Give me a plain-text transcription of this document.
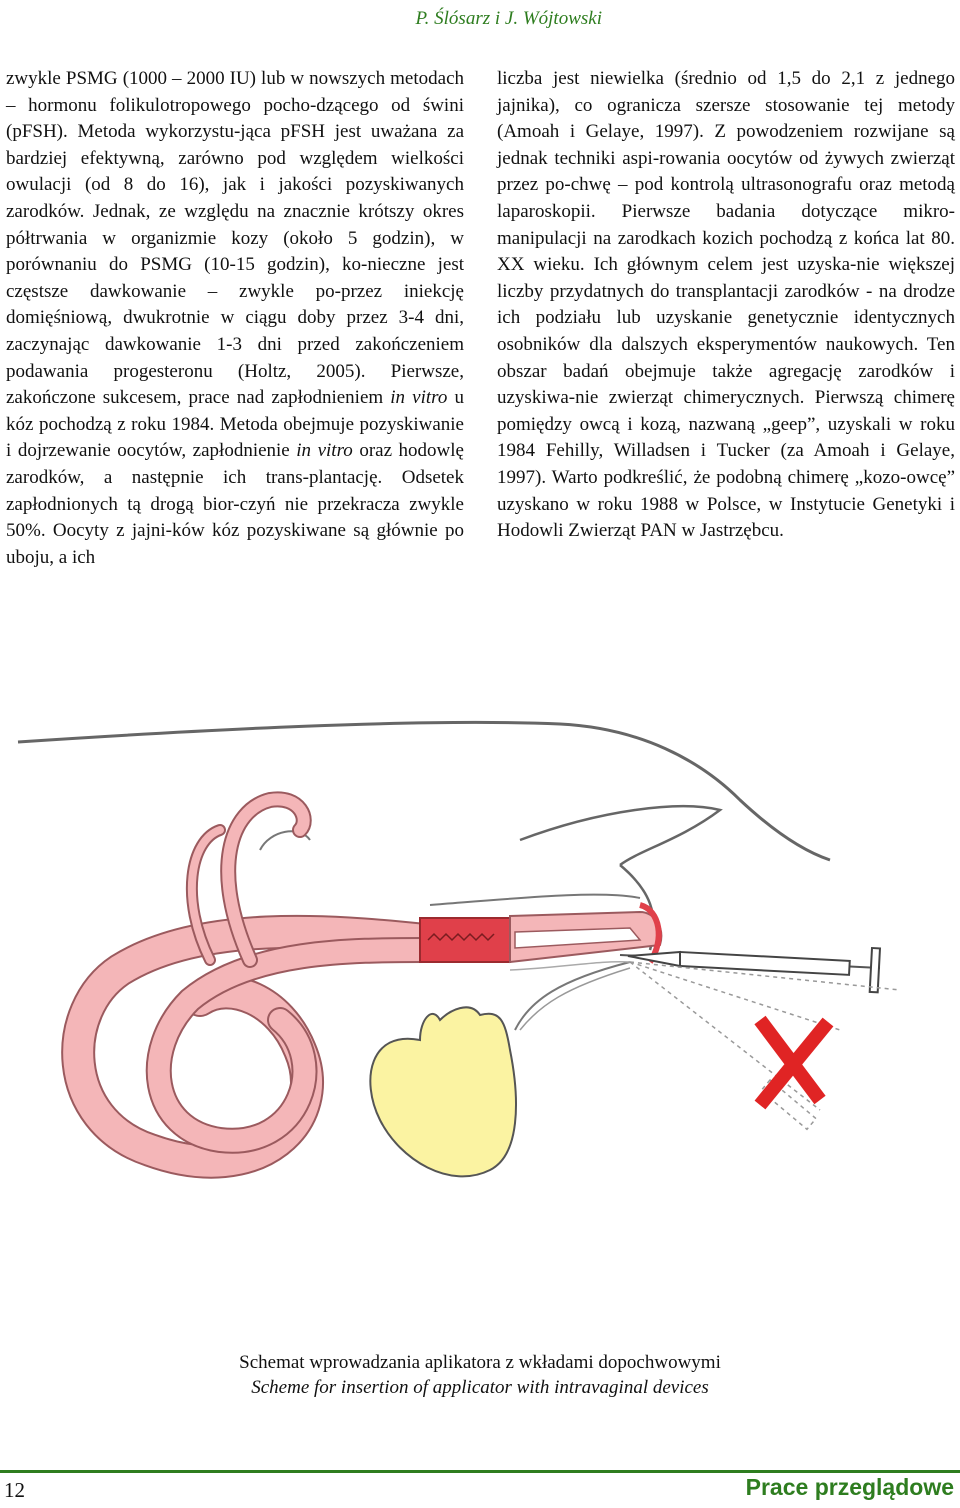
P. Ślósarz i J. Wójtowski
zwykle PSMG (1000 – 2000 IU) lub w nowszych metodach – hormonu folikulotropowego pocho-dzącego od świni (pFSH). Metoda wykorzystu-jąca pFSH jest uważana za bardziej efektywną, zarówno pod względem wielkości owulacji (od 8 do 16), jak i jakości pozyskiwanych zarodków. Jednak, ze względu na znacznie krótszy okres półtrwania w organizmie kozy (około 5 godzin), w porównaniu do PSMG (10-15 godzin), ko-nieczne jest częstsze dawkowanie – zwykle po-przez iniekcję domięśniową, dwukrotnie w ciągu doby przez 3-4 dni, zaczynając dawkowanie 1-3 dni przed zakończeniem podawania progesteronu (Holtz, 2005). Pierwsze, zakończone sukcesem, prace nad zapłodnieniem in vitro u kóz pochodzą z roku 1984. Metoda obejmuje pozyskiwanie i dojrzewanie oocytów, zapłodnienie in vitro oraz hodowlę zarodków, a następnie ich trans-plantację. Odsetek zapłodnionych tą drogą bior-czyń nie przekracza zwykle 50%. Oocyty z jajni-ków kóz pozyskiwane są głównie po uboju, a ich
liczba jest niewielka (średnio od 1,5 do 2,1 z jednego jajnika), co ogranicza szersze stosowanie tej metody (Amoah i Gelaye, 1997). Z powodzeniem rozwijane są jednak techniki aspi-rowania oocytów od żywych zwierząt przez po-chwę – pod kontrolą ultrasonografu oraz metodą laparoskopii. Pierwsze badania dotyczące mikro-manipulacji na zarodkach kozich pochodzą z końca lat 80. XX wieku. Ich głównym celem jest uzyska-nie większej liczby przydatnych do transplantacji zarodków - na drodze ich podziału lub uzyskanie genetycznie identycznych osobników dla dalszych eksperymentów naukowych. Ten obszar badań obejmuje także agregację zarodków i uzyskiwa-nie zwierząt chimerycznych. Pierwszą chimerę pomiędzy owcą i kozą, nazwaną „geep”, uzyskali w roku 1984 Fehilly, Willadsen i Tucker (za Amoah i Gelaye, 1997). Warto podkreślić, że podobną chimerę „kozo-owcę” uzyskano w roku 1988 w Polsce, w Instytucie Genetyki i Hodowli Zwierząt PAN w Jastrzębcu.
Schemat wprowadzania aplikatora z wkładami dopochwowymi
Scheme for insertion of applicator with intravaginal devices
12	Prace przeglądowe
